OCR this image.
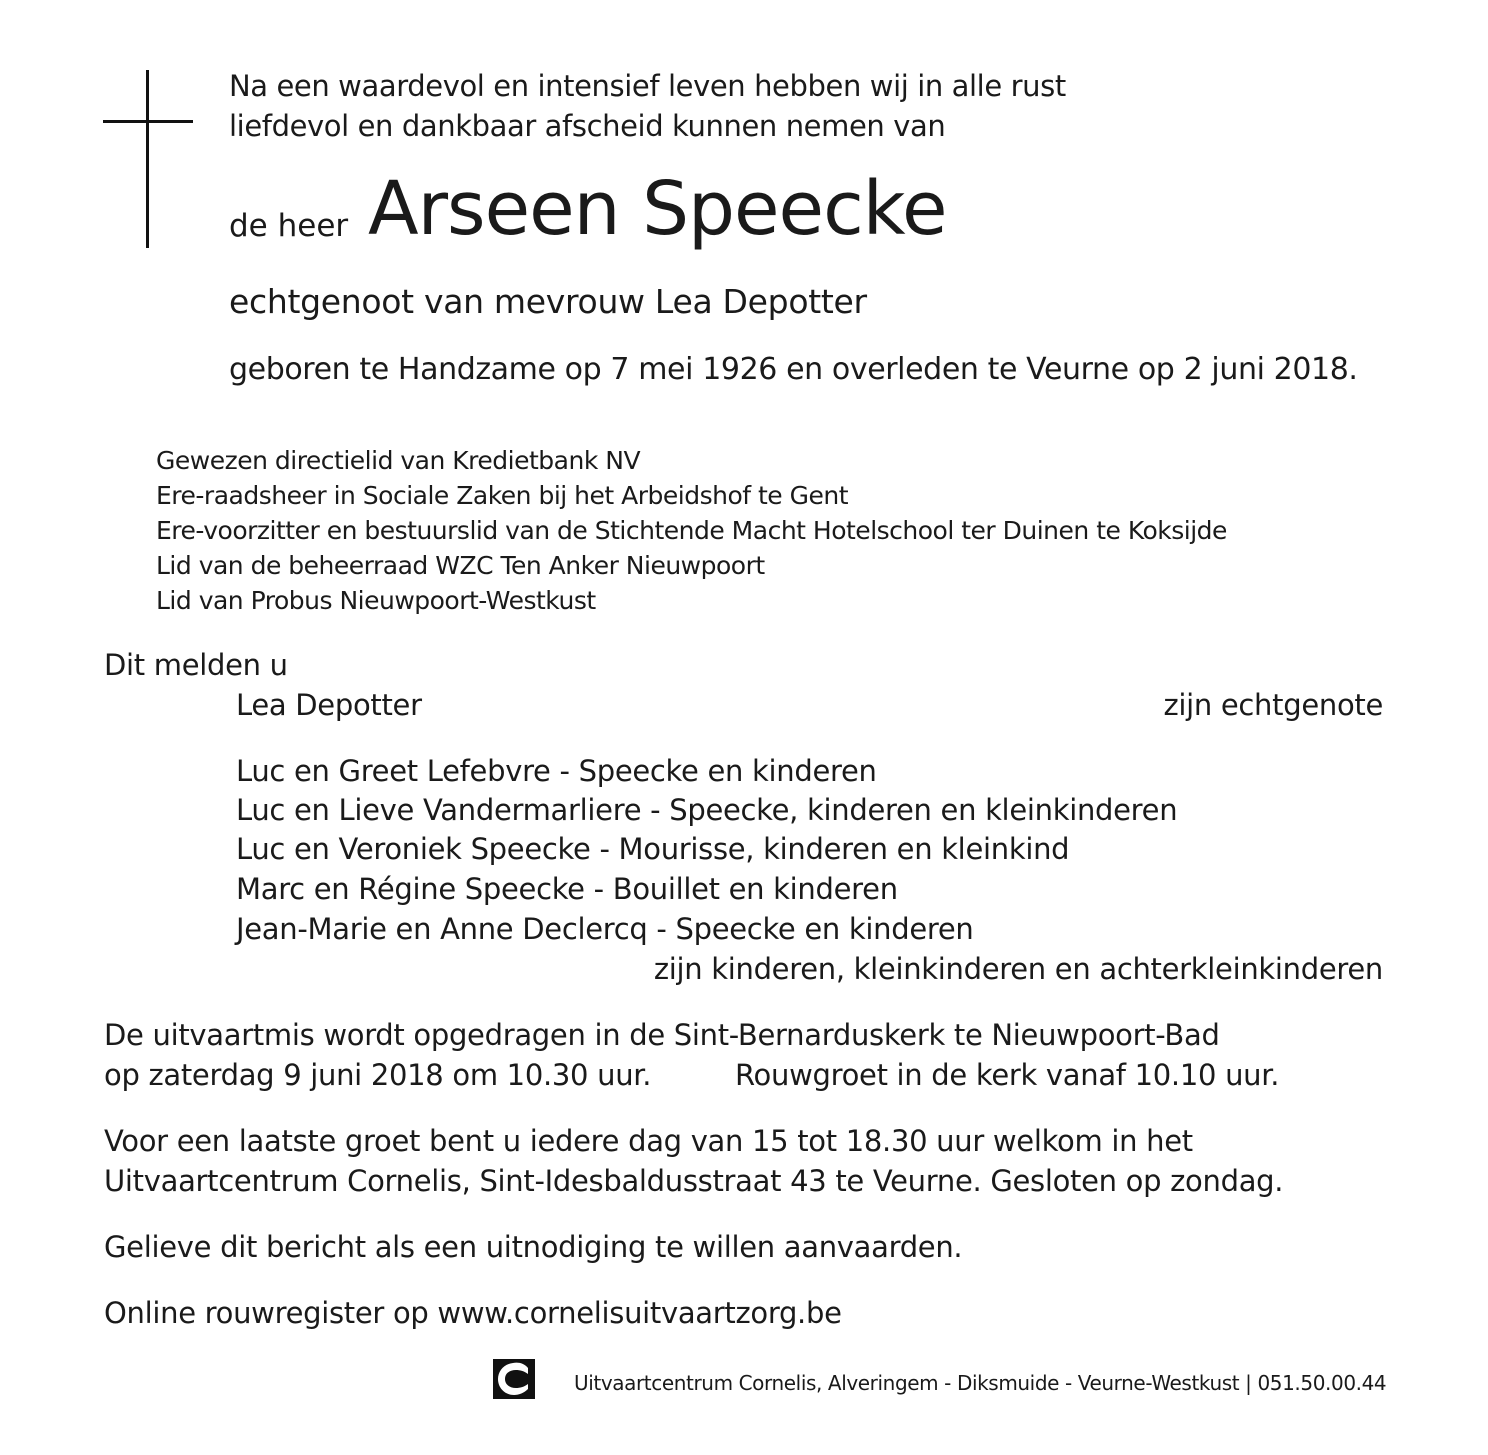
Na een waardevol en intensief leven hebben wij in alle rust
liefdevol en dankbaar afscheid kunnen nemen van
de heer Arseen Speecke
echtgenoot van mevrouw Lea Depotter
geboren te Handzame op 7 mei 1926 en overleden te Veurne op 2 juni 2018.
Gewezen directielid van Kredietbank NV
Ere-raadsheer in Sociale Zaken bij het Arbeidshof te Gent
Ere-voorzitter en bestuurslid van de Stichtende Macht Hotelschool ter Duinen te Koksijde
Lid van de beheerraad WZC Ten Anker Nieuwpoort
Lid van Probus Nieuwpoort-Westkust
Dit melden u
Lea Depotter	zijn echtgenote
Luc en Greet Lefebvre - Speecke en kinderen
Luc en Lieve Vandermarliere - Speecke, kinderen en kleinkinderen
Luc en Veroniek Speecke - Mourisse, kinderen en kleinkind
Marc en Régine Speecke - Bouillet en kinderen
Jean-Marie en Anne Declercq - Speecke en kinderen
zijn kinderen, kleinkinderen en achterkleinkinderen
De uitvaartmis wordt opgedragen in de Sint-Bernarduskerk te Nieuwpoort-Bad
op zaterdag 9 juni 2018 om 10.30 uur.	Rouwgroet in de kerk vanaf 10.10 uur.
Voor een laatste groet bent u iedere dag van 15 tot 18.30 uur welkom in het
Uitvaartcentrum Cornelis, Sint-Idesbaldusstraat 43 te Veurne. Gesloten op zondag.
Gelieve dit bericht als een uitnodiging te willen aanvaarden.
Online rouwregister op www.cornelisuitvaartzorg.be
Uitvaartcentrum Cornelis, Alveringem - Diksmuide - Veurne-Westkust | 051.50.00.44
